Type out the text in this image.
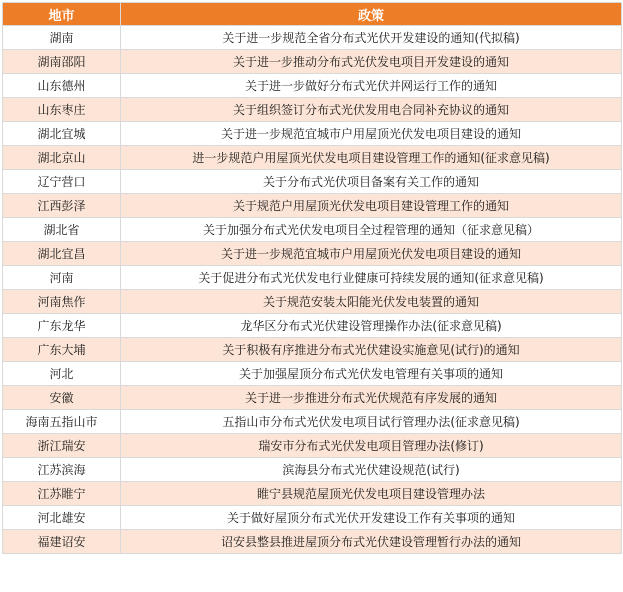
地市	政策
湖南	关于进一步规范全省分布式光伏开发建设的通知(代拟稿)
湖南邵阳	关于进一步推动分布式光伏发电项目开发建设的通知
山东德州	关于进一步做好分布式光伏并网运行工作的通知
山东枣庄	关于组织签订分布式光伏发用电合同补充协议的通知
湖北宜城	关于进一步规范宜城市户用屋顶光伏发电项目建设的通知
湖北京山	进一步规范户用屋顶光伏发电项目建设管理工作的通知(征求意见稿)
辽宁营口	关于分布式光伏项目备案有关工作的通知
江西彭泽	关于规范户用屋顶光伏发电项目建设管理工作的通知
湖北省	关于加强分布式光伏发电项目全过程管理的通知（征求意见稿）
湖北宜昌	关于进一步规范宜城市户用屋顶光伏发电项目建设的通知
河南	关于促进分布式光伏发电行业健康可持续发展的通知(征求意见稿)
河南焦作	关于规范安装太阳能光伏发电装置的通知
广东龙华	龙华区分布式光伏建设管理操作办法(征求意见稿)
广东大埔	关于积极有序推进分布式光伏建设实施意见(试行)的通知
河北	关于加强屋顶分布式光伏发电管理有关事项的通知
安徽	关于进一步推进分布式光伏规范有序发展的通知
海南五指山市	五指山市分布式光伏发电项目试行管理办法(征求意见稿)
浙江瑞安	瑞安市分布式光伏发电项目管理办法(修订)
江苏滨海	滨海县分布式光伏建设规范(试行)
江苏睢宁	睢宁县规范屋顶光伏发电项目建设管理办法
河北雄安	关于做好屋顶分布式光伏开发建设工作有关事项的通知
福建诏安	诏安县整县推进屋顶分布式光伏建设管理暂行办法的通知
